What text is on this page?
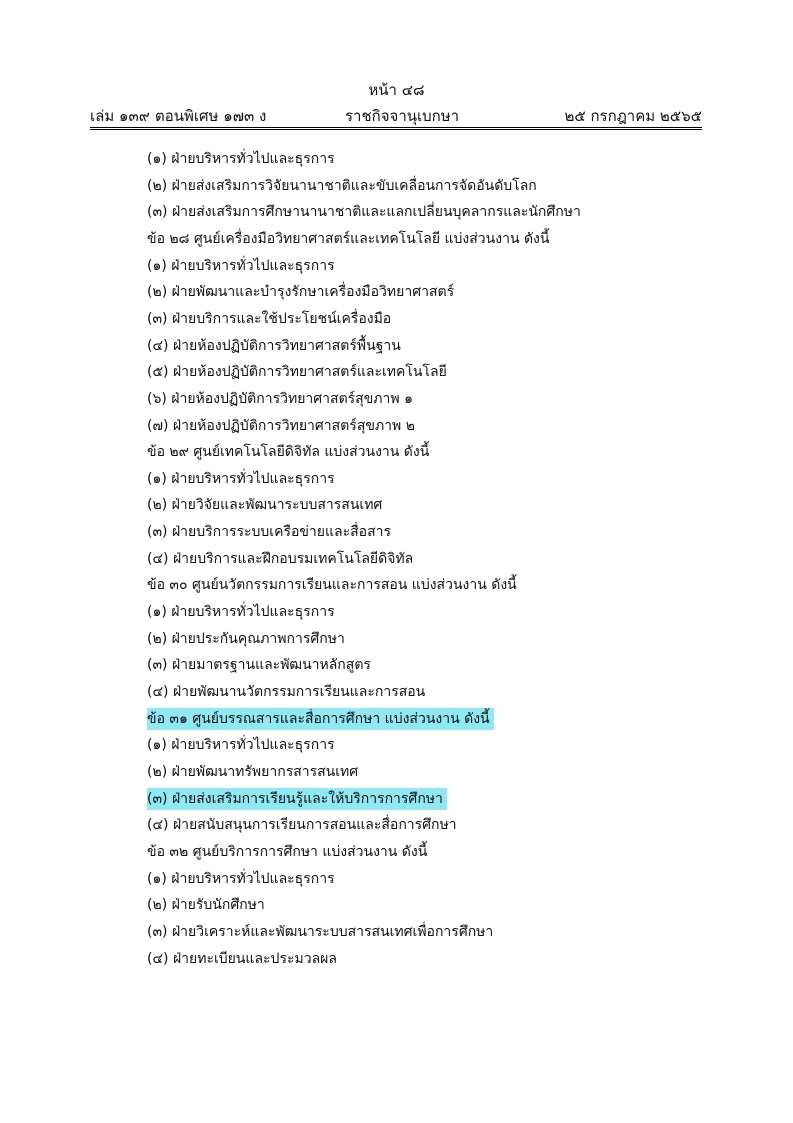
หน้า ๔๘
เล่ม ๑๓๙ ตอนพิเศษ ๑๗๓ ง	ราชกิจจานุเบกษา	๒๕ กรกฎาคม ๒๕๖๕
(๑) ฝ่ายบริหารทั่วไปและธุรการ
(๒) ฝ่ายส่งเสริมการวิจัยนานาชาติและขับเคลื่อนการจัดอันดับโลก
(๓) ฝ่ายส่งเสริมการศึกษานานาชาติและแลกเปลี่ยนบุคลากรและนักศึกษา
ข้อ ๒๘ ศูนย์เครื่องมือวิทยาศาสตร์และเทคโนโลยี แบ่งส่วนงาน ดังนี้
(๑) ฝ่ายบริหารทั่วไปและธุรการ
(๒) ฝ่ายพัฒนาและบำรุงรักษาเครื่องมือวิทยาศาสตร์
(๓) ฝ่ายบริการและใช้ประโยชน์เครื่องมือ
(๔) ฝ่ายห้องปฏิบัติการวิทยาศาสตร์พื้นฐาน
(๕) ฝ่ายห้องปฏิบัติการวิทยาศาสตร์และเทคโนโลยี
(๖) ฝ่ายห้องปฏิบัติการวิทยาศาสตร์สุขภาพ ๑
(๗) ฝ่ายห้องปฏิบัติการวิทยาศาสตร์สุขภาพ ๒
ข้อ ๒๙ ศูนย์เทคโนโลยีดิจิทัล แบ่งส่วนงาน ดังนี้
(๑) ฝ่ายบริหารทั่วไปและธุรการ
(๒) ฝ่ายวิจัยและพัฒนาระบบสารสนเทศ
(๓) ฝ่ายบริการระบบเครือข่ายและสื่อสาร
(๔) ฝ่ายบริการและฝึกอบรมเทคโนโลยีดิจิทัล
ข้อ ๓๐ ศูนย์นวัตกรรมการเรียนและการสอน แบ่งส่วนงาน ดังนี้
(๑) ฝ่ายบริหารทั่วไปและธุรการ
(๒) ฝ่ายประกันคุณภาพการศึกษา
(๓) ฝ่ายมาตรฐานและพัฒนาหลักสูตร
(๔) ฝ่ายพัฒนานวัตกรรมการเรียนและการสอน
ข้อ ๓๑ ศูนย์บรรณสารและสื่อการศึกษา แบ่งส่วนงาน ดังนี้
(๑) ฝ่ายบริหารทั่วไปและธุรการ
(๒) ฝ่ายพัฒนาทรัพยากรสารสนเทศ
(๓) ฝ่ายส่งเสริมการเรียนรู้และให้บริการการศึกษา
(๔) ฝ่ายสนับสนุนการเรียนการสอนและสื่อการศึกษา
ข้อ ๓๒ ศูนย์บริการการศึกษา แบ่งส่วนงาน ดังนี้
(๑) ฝ่ายบริหารทั่วไปและธุรการ
(๒) ฝ่ายรับนักศึกษา
(๓) ฝ่ายวิเคราะห์และพัฒนาระบบสารสนเทศเพื่อการศึกษา
(๔) ฝ่ายทะเบียนและประมวลผล
